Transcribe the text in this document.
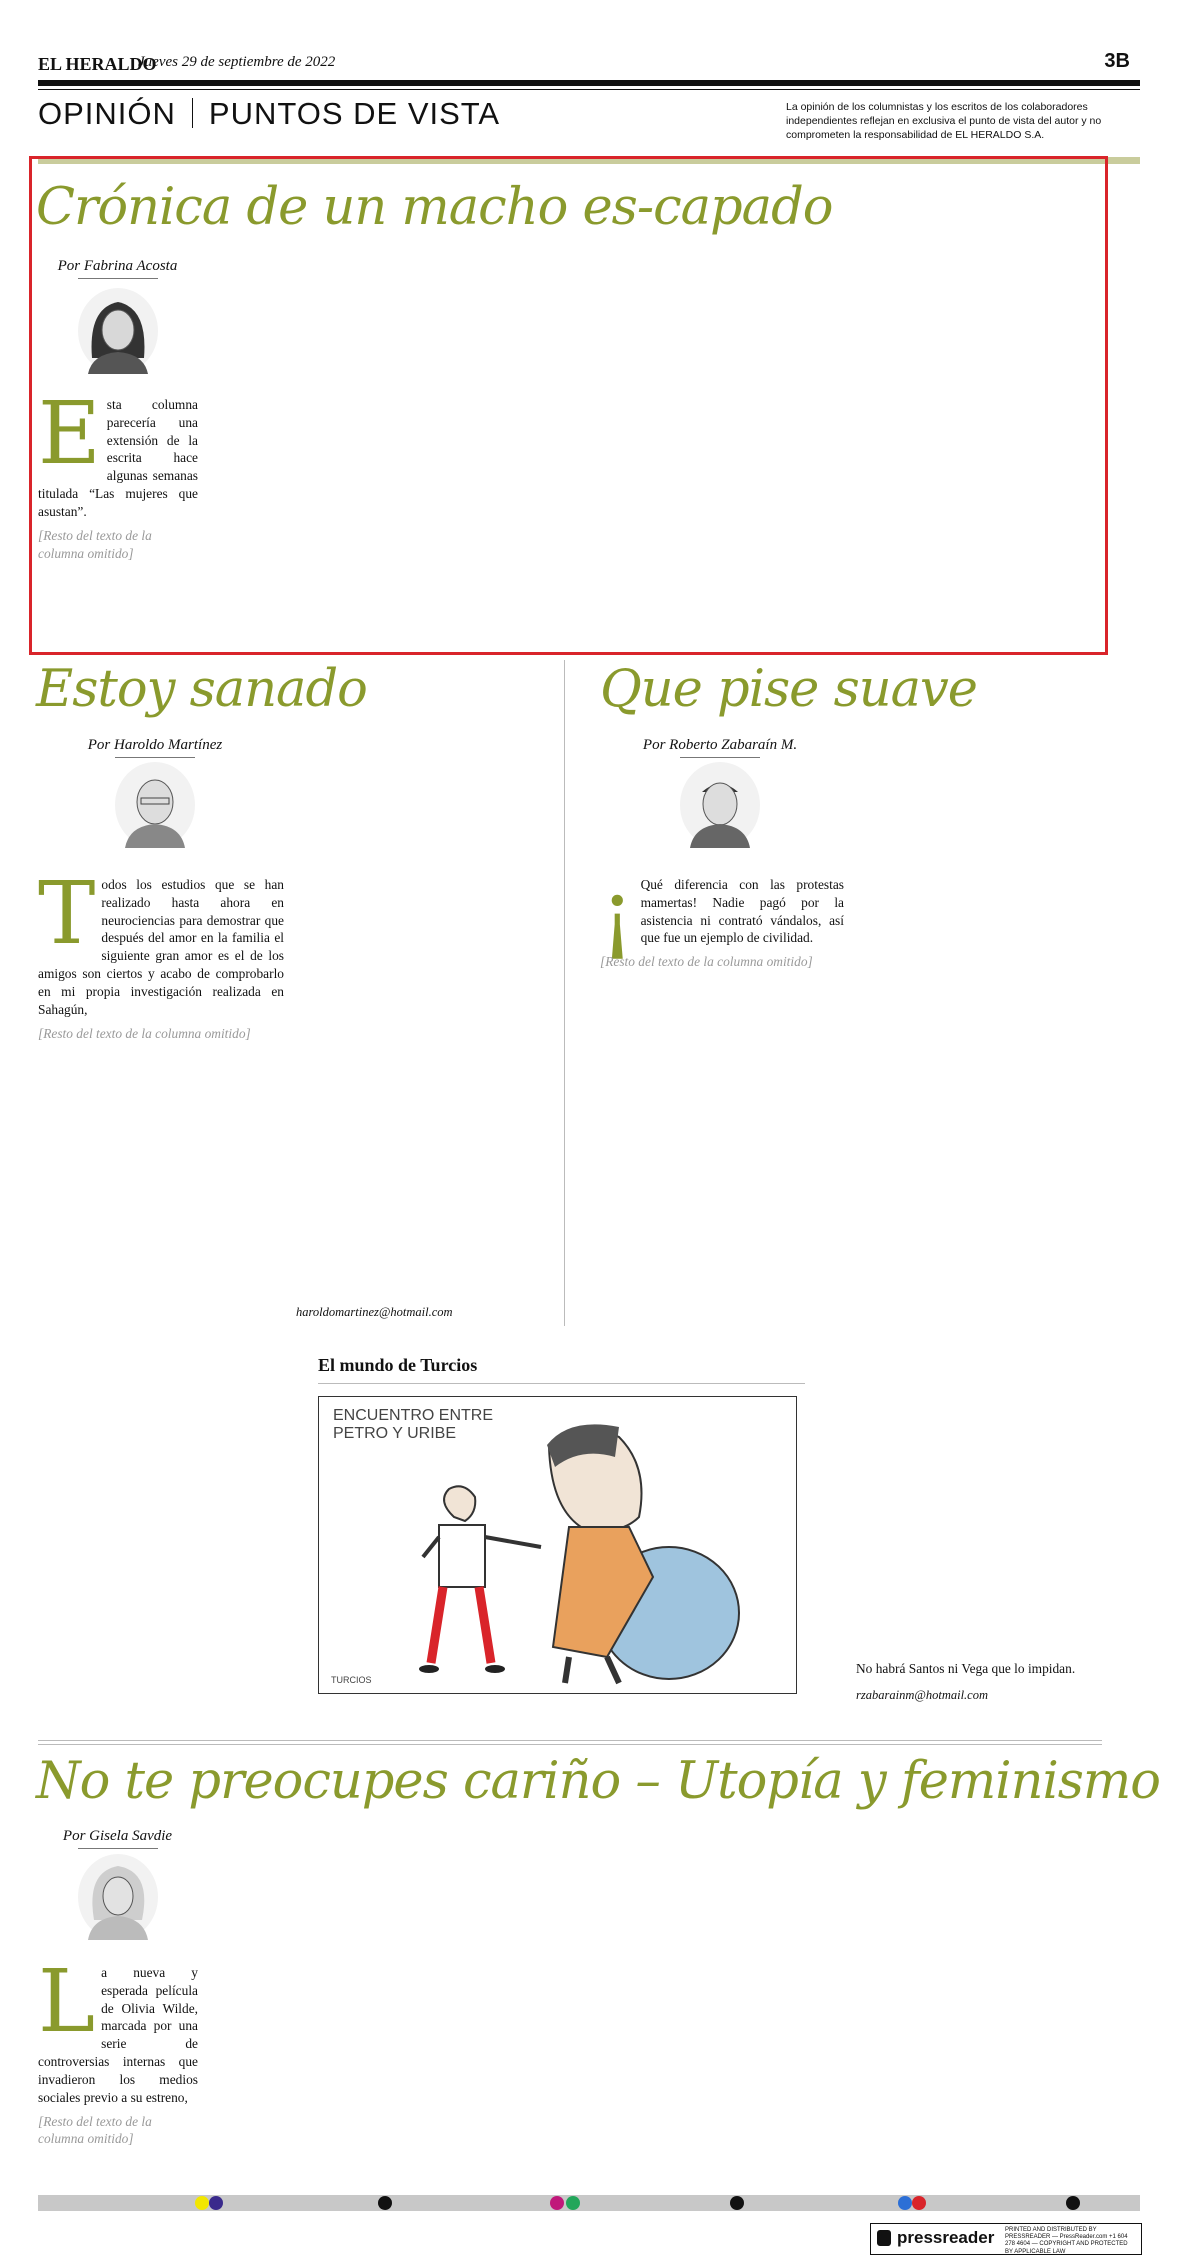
EL HERALDO
Jueves 29 de septiembre de 2022	3B
OPINIÓN PUNTOS DE VISTA	La opinión de los columnistas y los escritos de los colaboradores independientes reflejan en exclusiva el punto de vista del autor y no comprometen la responsabilidad de EL HERALDO S.A.
Crónica de un macho es-capado
Por Fabrina Acosta

Esta columna parecería una extensión de la escrita hace algunas semanas titulada “Las mujeres que asustan”.

[Resto del texto de la columna omitido]

Estoy sanado
Por Haroldo Martínez

Todos los estudios que se han realizado hasta ahora en neurociencias para demostrar que después del amor en la familia el siguiente gran amor es el de los amigos son ciertos y acabo de comprobarlo en mi propia investigación realizada en Sahagún,

[Resto del texto de la columna omitido]

haroldomartinez@hotmail.com
Que pise suave
Por Roberto Zabaraín M.

¡ Qué diferencia con las protestas mamertas! Nadie pagó por la asistencia ni contrató vándalos, así que fue un ejemplo de civilidad.

[Resto del texto de la columna omitido]

No habrá Santos ni Vega que lo impidan.

rzabarainm@hotmail.com
El mundo de Turcios
ENCUENTRO ENTRE
PETRO Y URIBE
TURCIOS
No te preocupes cariño – Utopía y feminismo
Por Gisela Savdie

La nueva y esperada película de Olivia Wilde, marcada por una serie de controversias internas que invadieron los medios sociales previo a su estreno,

[Resto del texto de la columna omitido]

pressreader PRINTED AND DISTRIBUTED BY PRESSREADER — PressReader.com +1 604 278 4604 — COPYRIGHT AND PROTECTED BY APPLICABLE LAW
